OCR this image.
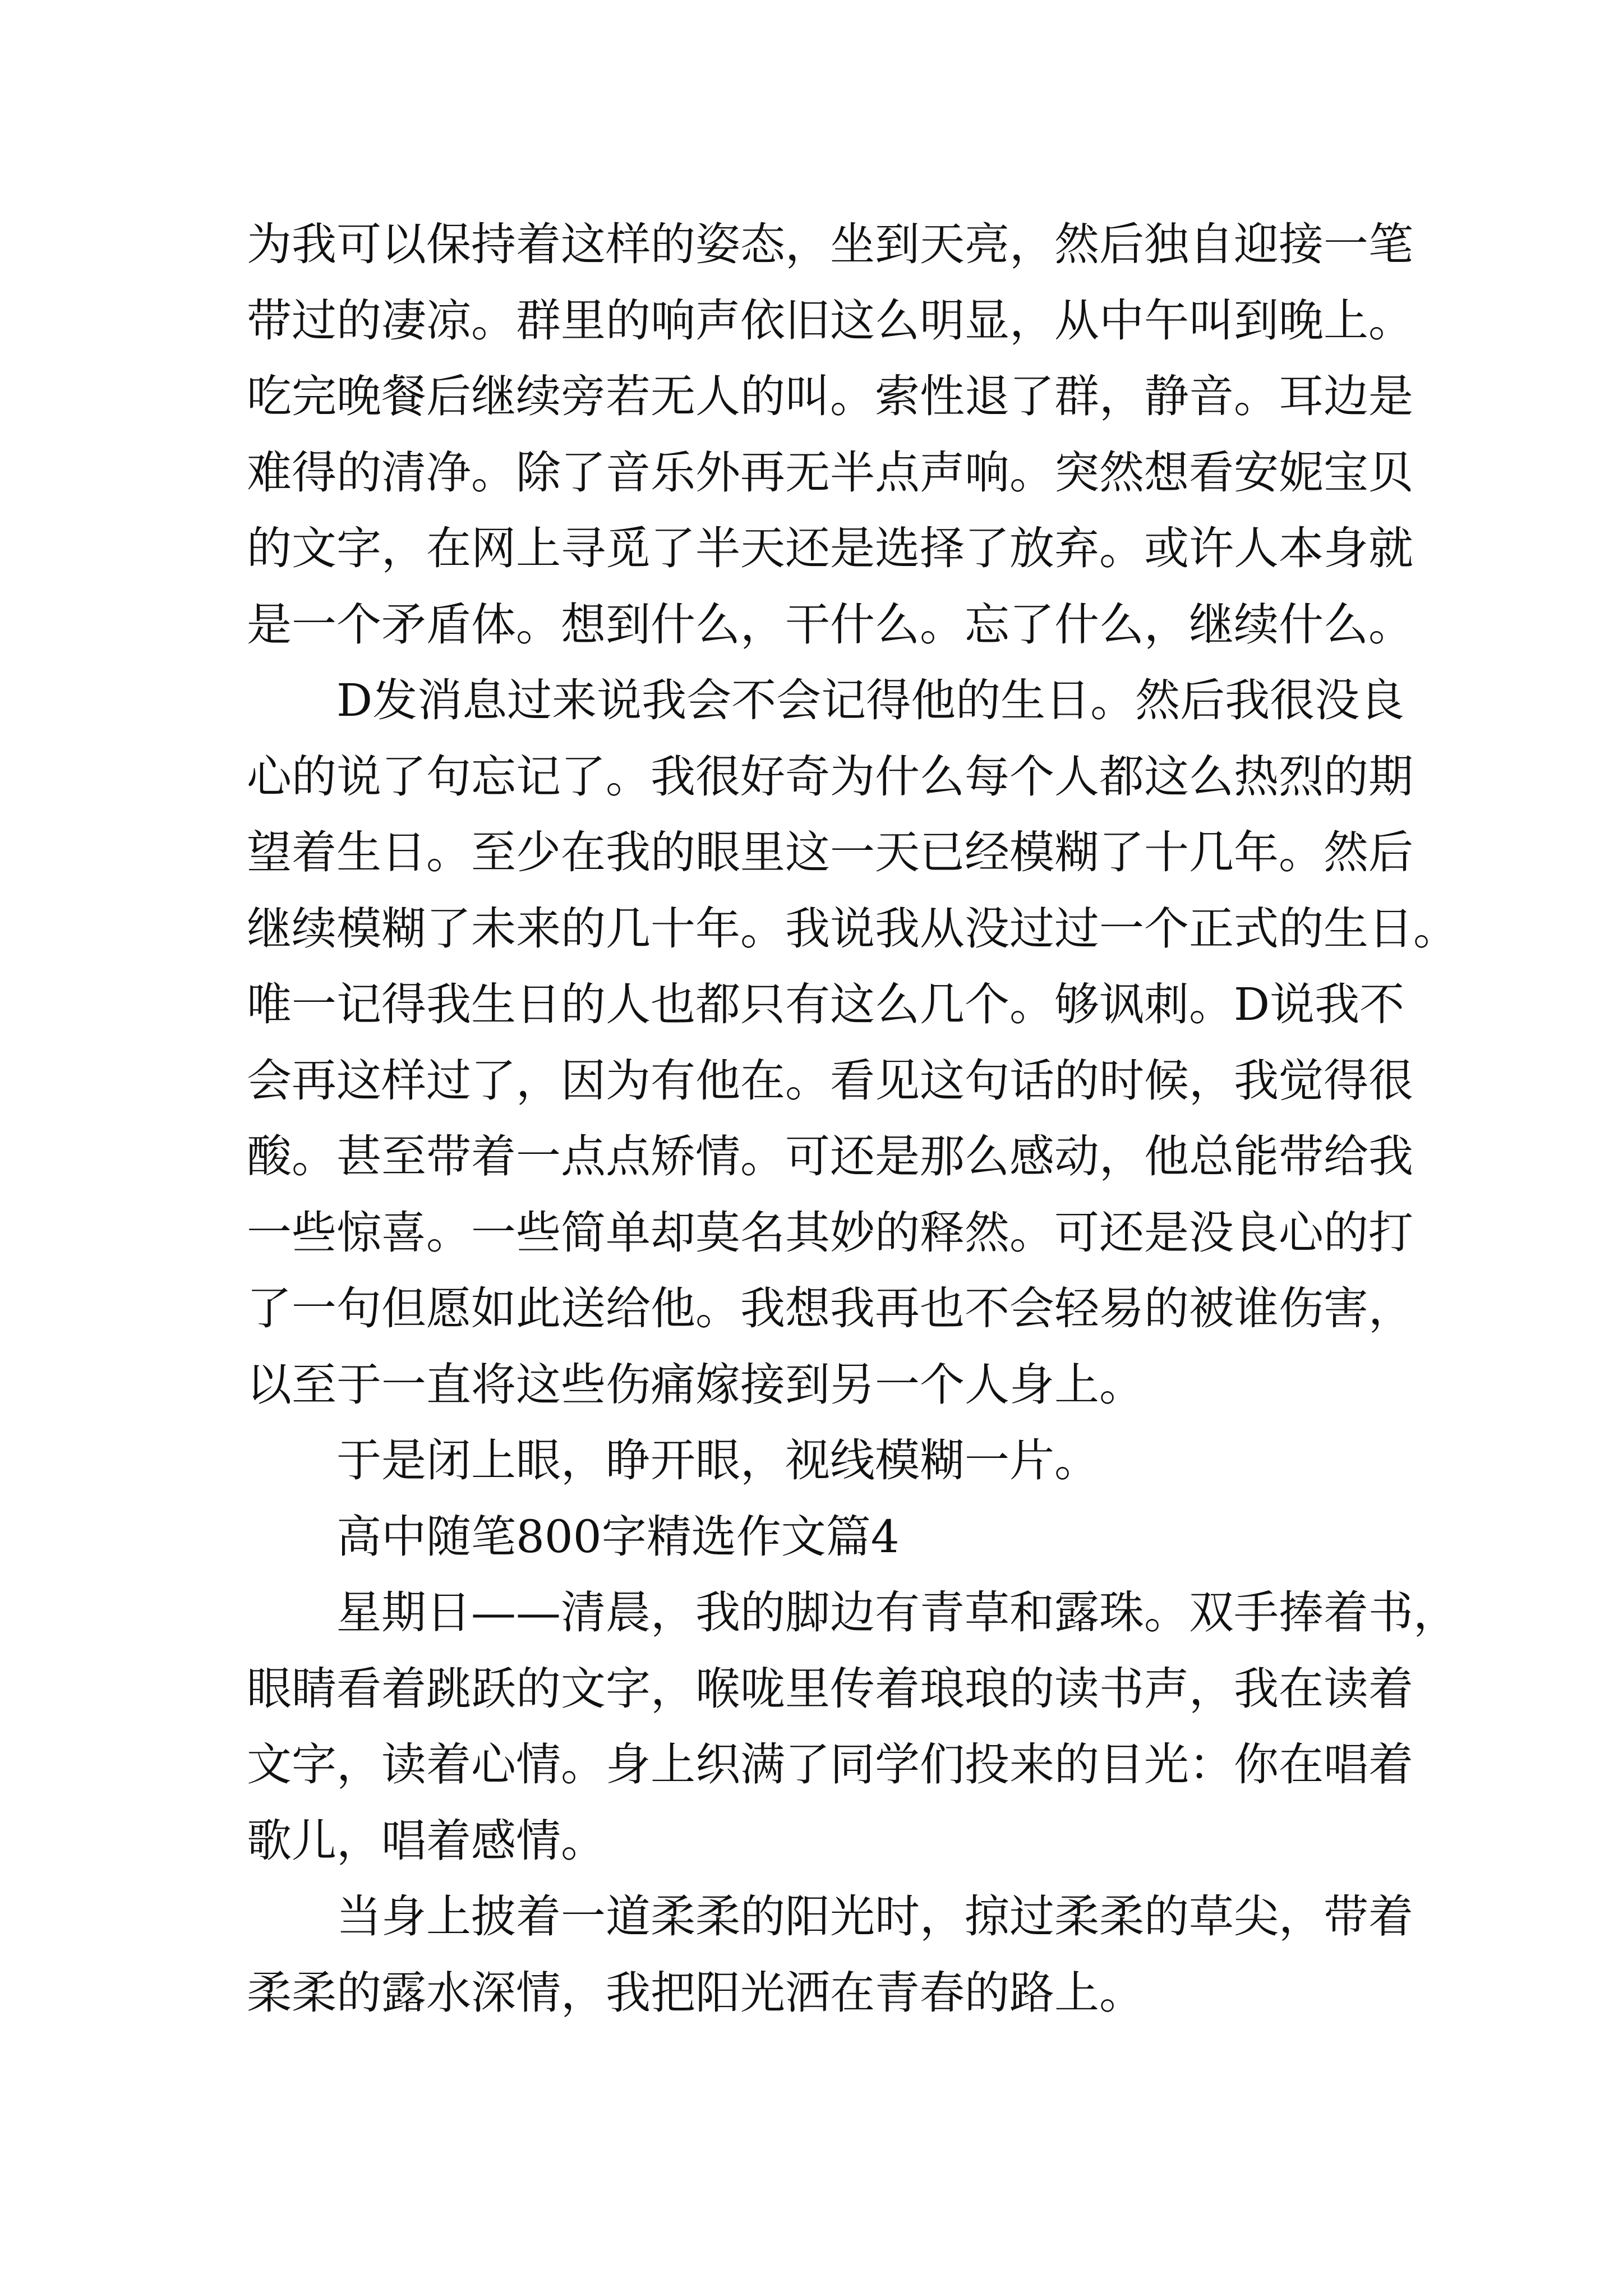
为我可以保持着这样的姿态，坐到天亮，然后独自迎接一笔
带过的凄凉。群里的响声依旧这么明显，从中午叫到晚上。
吃完晚餐后继续旁若无人的叫。索性退了群，静音。耳边是
难得的清净。除了音乐外再无半点声响。突然想看安妮宝贝
的文字，在网上寻觅了半天还是选择了放弃。或许人本身就
是一个矛盾体。想到什么，干什么。忘了什么，继续什么。
D发消息过来说我会不会记得他的生日。然后我很没良
心的说了句忘记了。我很好奇为什么每个人都这么热烈的期
望着生日。至少在我的眼里这一天已经模糊了十几年。然后
继续模糊了未来的几十年。我说我从没过过一个正式的生日。
唯一记得我生日的人也都只有这么几个。够讽刺。D说我不
会再这样过了，因为有他在。看见这句话的时候，我觉得很
酸。甚至带着一点点矫情。可还是那么感动，他总能带给我
一些惊喜。一些简单却莫名其妙的释然。可还是没良心的打
了一句但愿如此送给他。我想我再也不会轻易的被谁伤害，
以至于一直将这些伤痛嫁接到另一个人身上。
于是闭上眼，睁开眼，视线模糊一片。
高中随笔800字精选作文篇4
星期日——清晨，我的脚边有青草和露珠。双手捧着书，
眼睛看着跳跃的文字，喉咙里传着琅琅的读书声，我在读着
文字，读着心情。身上织满了同学们投来的目光：你在唱着
歌儿，唱着感情。
当身上披着一道柔柔的阳光时，掠过柔柔的草尖，带着
柔柔的露水深情，我把阳光洒在青春的路上。
